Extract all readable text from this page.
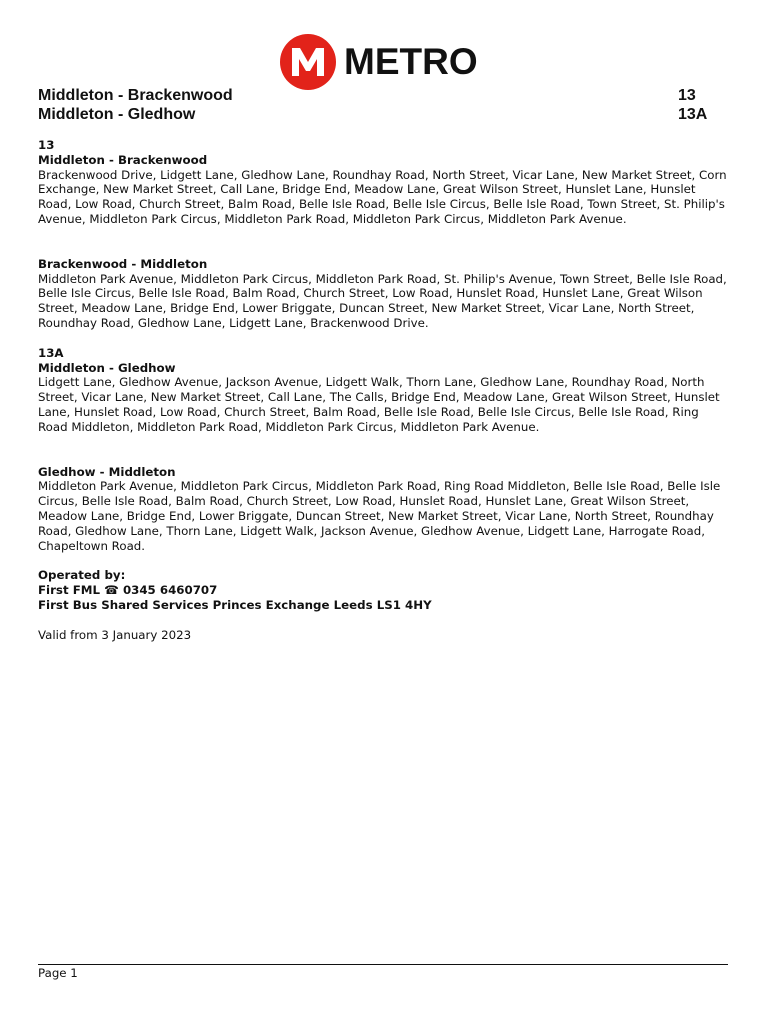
METRO
Middleton - Brackenwood	13
Middleton - Gledhow	13A
13
Middleton - Brackenwood

Brackenwood Drive, Lidgett Lane, Gledhow Lane, Roundhay Road, North Street, Vicar Lane, New Market Street, Corn Exchange, New Market Street, Call Lane, Bridge End, Meadow Lane, Great Wilson Street, Hunslet Lane, Hunslet Road, Low Road, Church Street, Balm Road, Belle Isle Road, Belle Isle Circus, Belle Isle Road, Town Street, St. Philip's Avenue, Middleton Park Circus, Middleton Park Road, Middleton Park Circus, Middleton Park Avenue.

Brackenwood - Middleton

Middleton Park Avenue, Middleton Park Circus, Middleton Park Road, St. Philip's Avenue, Town Street, Belle Isle Road, Belle Isle Circus, Belle Isle Road, Balm Road, Church Street, Low Road, Hunslet Road, Hunslet Lane, Great Wilson Street, Meadow Lane, Bridge End, Lower Briggate, Duncan Street, New Market Street, Vicar Lane, North Street, Roundhay Road, Gledhow Lane, Lidgett Lane, Brackenwood Drive.

13A
Middleton - Gledhow

Lidgett Lane, Gledhow Avenue, Jackson Avenue, Lidgett Walk, Thorn Lane, Gledhow Lane, Roundhay Road, North Street, Vicar Lane, New Market Street, Call Lane, The Calls, Bridge End, Meadow Lane, Great Wilson Street, Hunslet Lane, Hunslet Road, Low Road, Church Street, Balm Road, Belle Isle Road, Belle Isle Circus, Belle Isle Road, Ring Road Middleton, Middleton Park Road, Middleton Park Circus, Middleton Park Avenue.

Gledhow - Middleton

Middleton Park Avenue, Middleton Park Circus, Middleton Park Road, Ring Road Middleton, Belle Isle Road, Belle Isle Circus, Belle Isle Road, Balm Road, Church Street, Low Road, Hunslet Road, Hunslet Lane, Great Wilson Street, Meadow Lane, Bridge End, Lower Briggate, Duncan Street, New Market Street, Vicar Lane, North Street, Roundhay Road, Gledhow Lane, Thorn Lane, Lidgett Walk, Jackson Avenue, Gledhow Avenue, Lidgett Lane, Harrogate Road, Chapeltown Road.

Operated by:
First FML ☎ 0345 6460707
First Bus Shared Services Princes Exchange Leeds LS1 4HY
Valid from 3 January 2023
Page 1
